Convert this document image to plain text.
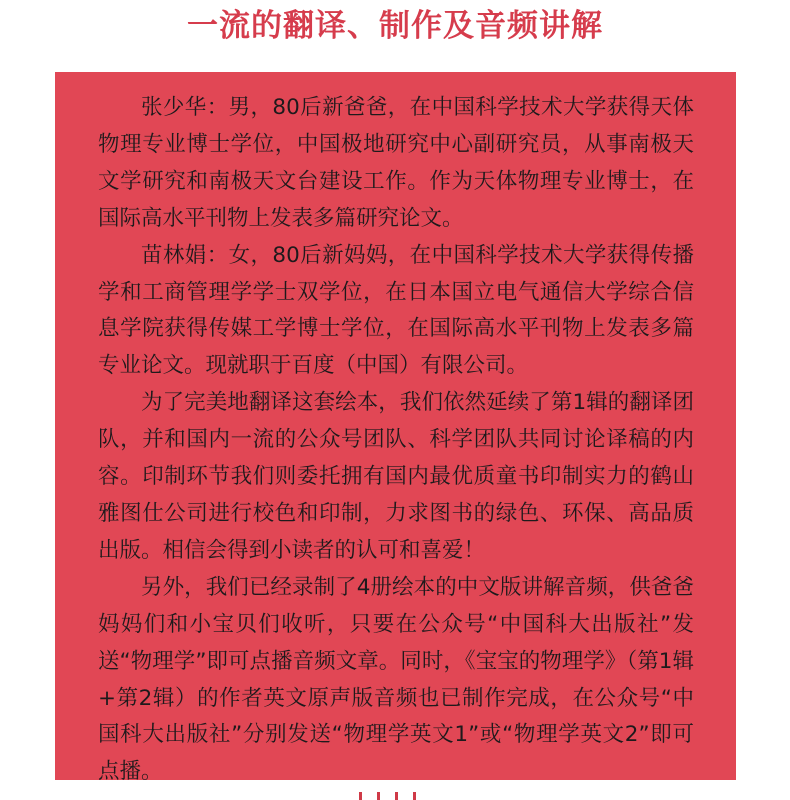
一流的翻译、制作及音频讲解

张少华：男，80后新爸爸，在中国科学技术大学获得天体物理专业博士学位，中国极地研究中心副研究员，从事南极天文学研究和南极天文台建设工作。作为天体物理专业博士，在国际高水平刊物上发表多篇研究论文。

苗林娟：女，80后新妈妈，在中国科学技术大学获得传播学和工商管理学学士双学位，在日本国立电气通信大学综合信息学院获得传媒工学博士学位，在国际高水平刊物上发表多篇专业论文。现就职于百度（中国）有限公司。

为了完美地翻译这套绘本，我们依然延续了第1辑的翻译团队，并和国内一流的公众号团队、科学团队共同讨论译稿的内容。印制环节我们则委托拥有国内最优质童书印制实力的鹤山雅图仕公司进行校色和印制，力求图书的绿色、环保、高品质出版。相信会得到小读者的认可和喜爱！

另外，我们已经录制了4册绘本的中文版讲解音频，供爸爸妈妈们和小宝贝们收听，只要在公众号“中国科大出版社”发送“物理学”即可点播音频文章。同时，《宝宝的物理学》（第1辑+第2辑）的作者英文原声版音频也已制作完成，在公众号“中国科大出版社”分别发送“物理学英文1”或“物理学英文2”即可点播。
